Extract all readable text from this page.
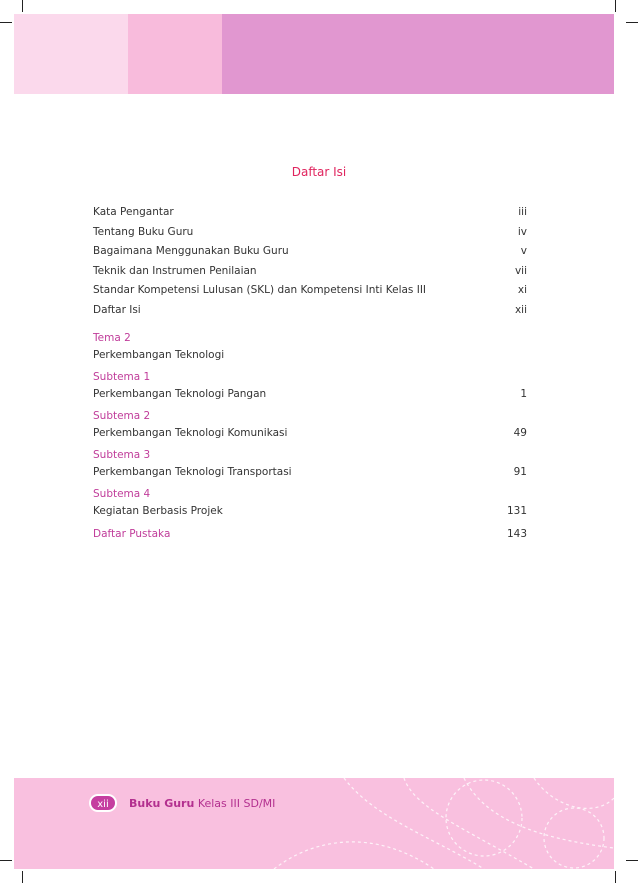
Daftar Isi
Kata Pengantar	iii
Tentang Buku Guru	iv
Bagaimana Menggunakan Buku Guru	v
Teknik dan Instrumen Penilaian	vii
Standar Kompetensi Lulusan (SKL) dan Kompetensi Inti Kelas III	xi
Daftar Isi	xii
Tema 2
Perkembangan Teknologi
Subtema 1
Perkembangan Teknologi Pangan	1
Subtema 2
Perkembangan Teknologi Komunikasi	49
Subtema 3
Perkembangan Teknologi Transportasi	91
Subtema 4
Kegiatan Berbasis Projek	131
Daftar Pustaka	143
xii	Buku Guru Kelas III SD/MI
